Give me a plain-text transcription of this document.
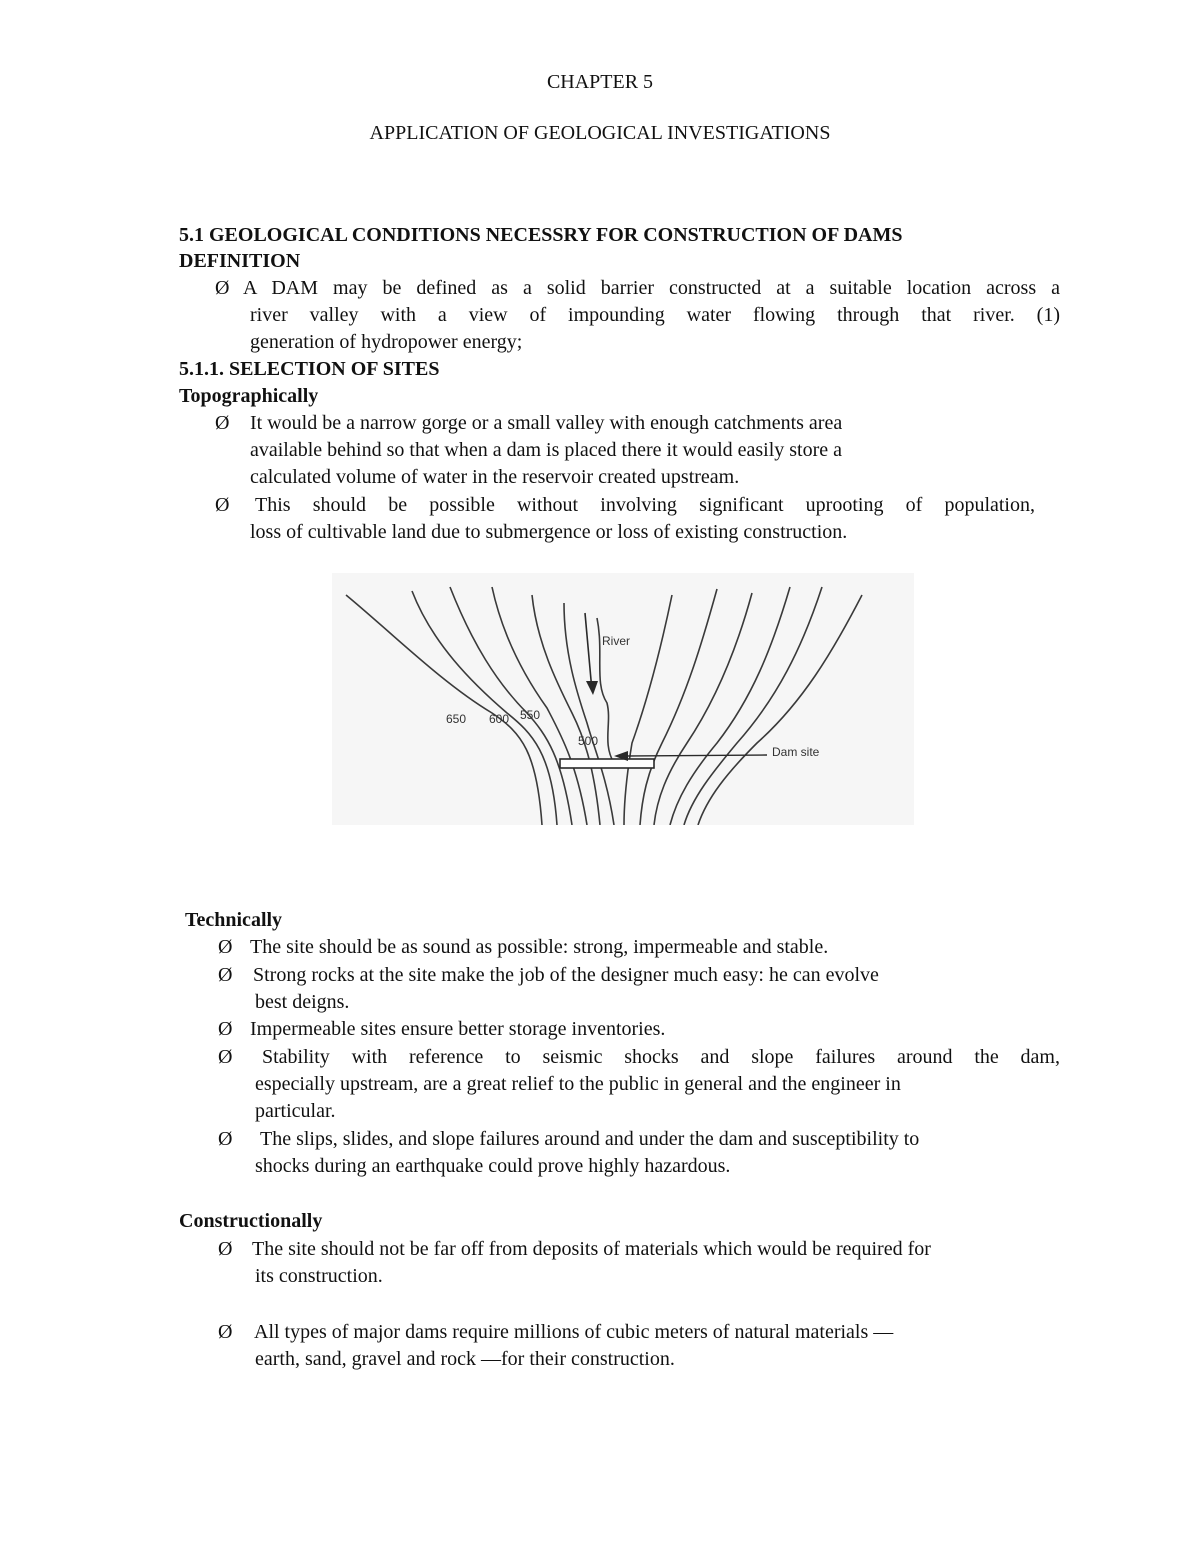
CHAPTER 5
APPLICATION OF GEOLOGICAL INVESTIGATIONS
5.1 GEOLOGICAL CONDITIONS NECESSRY FOR CONSTRUCTION OF DAMS
DEFINITION
Ø A DAM may be defined as a solid barrier constructed at a suitable location across a
river valley with a view of impounding water flowing through that river. (1)
generation of hydropower energy;
5.1.1. SELECTION OF SITES
Topographically
Ø It would be a narrow gorge or a small valley with enough catchments area
available behind so that when a dam is placed there it would easily store a
calculated volume of water in the reservoir created upstream.
Ø This should be possible without involving significant uprooting of population,
loss of cultivable land due to submergence or loss of existing construction.
River
Dam site
650 600 550
500
Technically
Ø The site should be as sound as possible: strong, impermeable and stable.
Ø Strong rocks at the site make the job of the designer much easy: he can evolve
best deigns.
Ø Impermeable sites ensure better storage inventories.
Ø Stability with reference to seismic shocks and slope failures around the dam,
especially upstream, are a great relief to the public in general and the engineer in
particular.
Ø The slips, slides, and slope failures around and under the dam and susceptibility to
shocks during an earthquake could prove highly hazardous.
Constructionally
Ø The site should not be far off from deposits of materials which would be required for
its construction.
Ø All types of major dams require millions of cubic meters of natural materials —
earth, sand, gravel and rock —for their construction.
